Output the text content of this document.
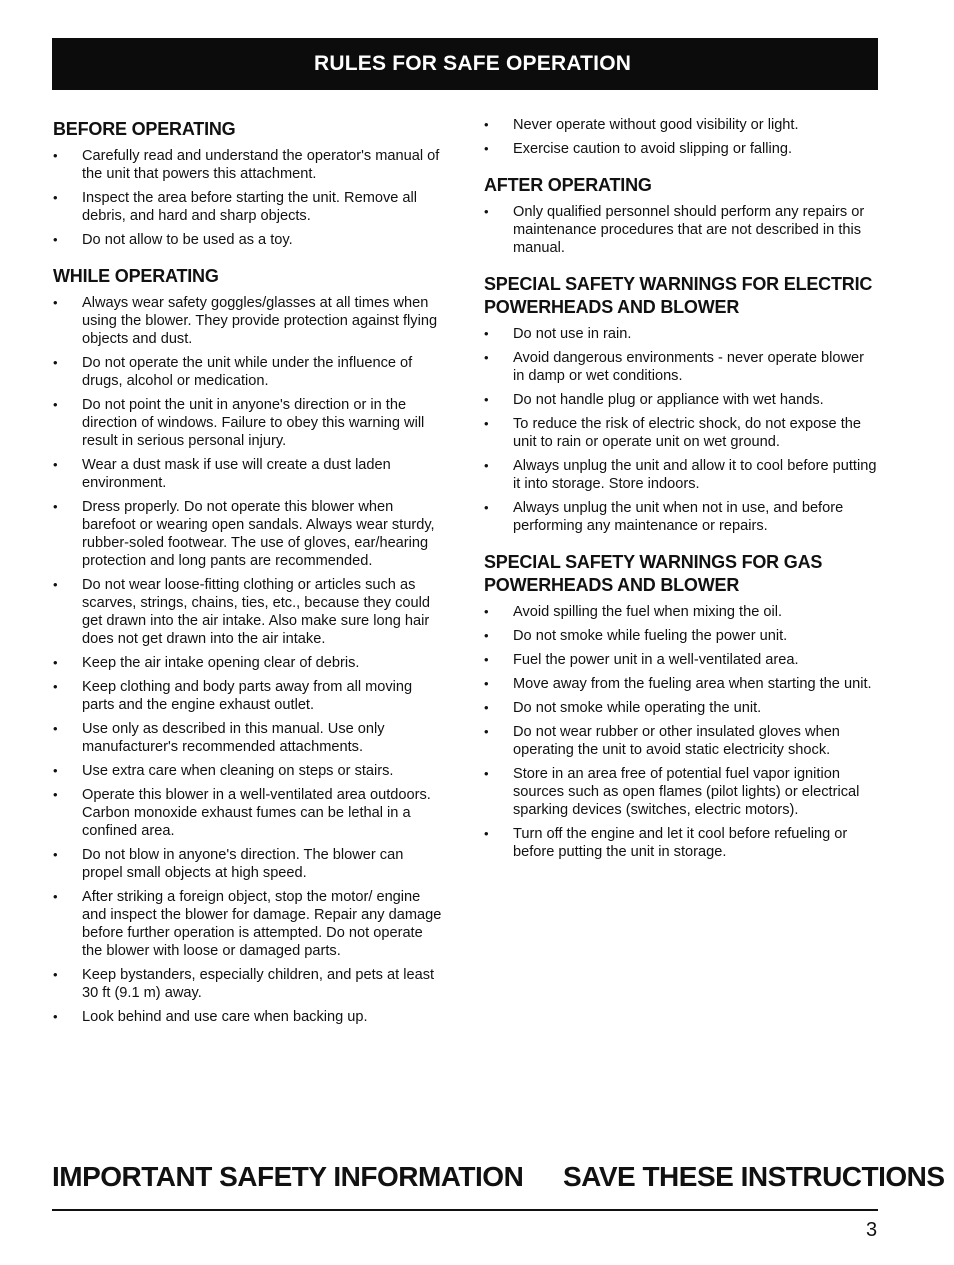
RULES FOR SAFE OPERATION
BEFORE OPERATING
• Carefully read and understand the operator's manual of the unit that powers this attachment.
• Inspect the area before starting the unit. Remove all debris, and hard and sharp objects.
• Do not allow to be used as a toy.
WHILE OPERATING
• Always wear safety goggles/glasses at all times when using the blower. They provide protection against flying objects and dust.
• Do not operate the unit while under the influence of drugs, alcohol or medication.
• Do not point the unit in anyone's direction or in the direction of windows. Failure to obey this warning will result in serious personal injury.
• Wear a dust mask if use will create a dust laden environment.
• Dress properly. Do not operate this blower when barefoot or wearing open sandals. Always wear sturdy, rubber-soled footwear. The use of gloves, ear/hearing protection and long pants are recommended.
• Do not wear loose-fitting clothing or articles such as scarves, strings, chains, ties, etc., because they could get drawn into the air intake. Also make sure long hair does not get drawn into the air intake.
• Keep the air intake opening clear of debris.
• Keep clothing and body parts away from all moving parts and the engine exhaust outlet.
• Use only as described in this manual. Use only manufacturer's recommended attachments.
• Use extra care when cleaning on steps or stairs.
• Operate this blower in a well-ventilated area outdoors. Carbon monoxide exhaust fumes can be lethal in a confined area.
• Do not blow in anyone's direction. The blower can propel small objects at high speed.
• After striking a foreign object, stop the motor/ engine and inspect the blower for damage. Repair any damage before further operation is attempted. Do not operate the blower with loose or damaged parts.
• Keep bystanders, especially children, and pets at least 30 ft (9.1 m) away.
• Look behind and use care when backing up.
• Never operate without good visibility or light.
• Exercise caution to avoid slipping or falling.
AFTER OPERATING
• Only qualified personnel should perform any repairs or maintenance procedures that are not described in this manual.
SPECIAL SAFETY WARNINGS FOR ELECTRIC POWERHEADS AND BLOWER
• Do not use in rain.
• Avoid dangerous environments - never operate blower in damp or wet conditions.
• Do not handle plug or appliance with wet hands.
• To reduce the risk of electric shock, do not expose the unit to rain or operate unit on wet ground.
• Always unplug the unit and allow it to cool before putting it into storage. Store indoors.
• Always unplug the unit when not in use, and before performing any maintenance or repairs.
SPECIAL SAFETY WARNINGS FOR GAS POWERHEADS AND BLOWER
• Avoid spilling the fuel when mixing the oil.
• Do not smoke while fueling the power unit.
• Fuel the power unit in a well-ventilated area.
• Move away from the fueling area when starting the unit.
• Do not smoke while operating the unit.
• Do not wear rubber or other insulated gloves when operating the unit to avoid static electricity shock.
• Store in an area free of potential fuel vapor ignition sources such as open flames (pilot lights) or electrical sparking devices (switches, electric motors).
• Turn off the engine and let it cool before refueling or before putting the unit in storage.
IMPORTANT SAFETY INFORMATION SAVE THESE INSTRUCTIONS
3
